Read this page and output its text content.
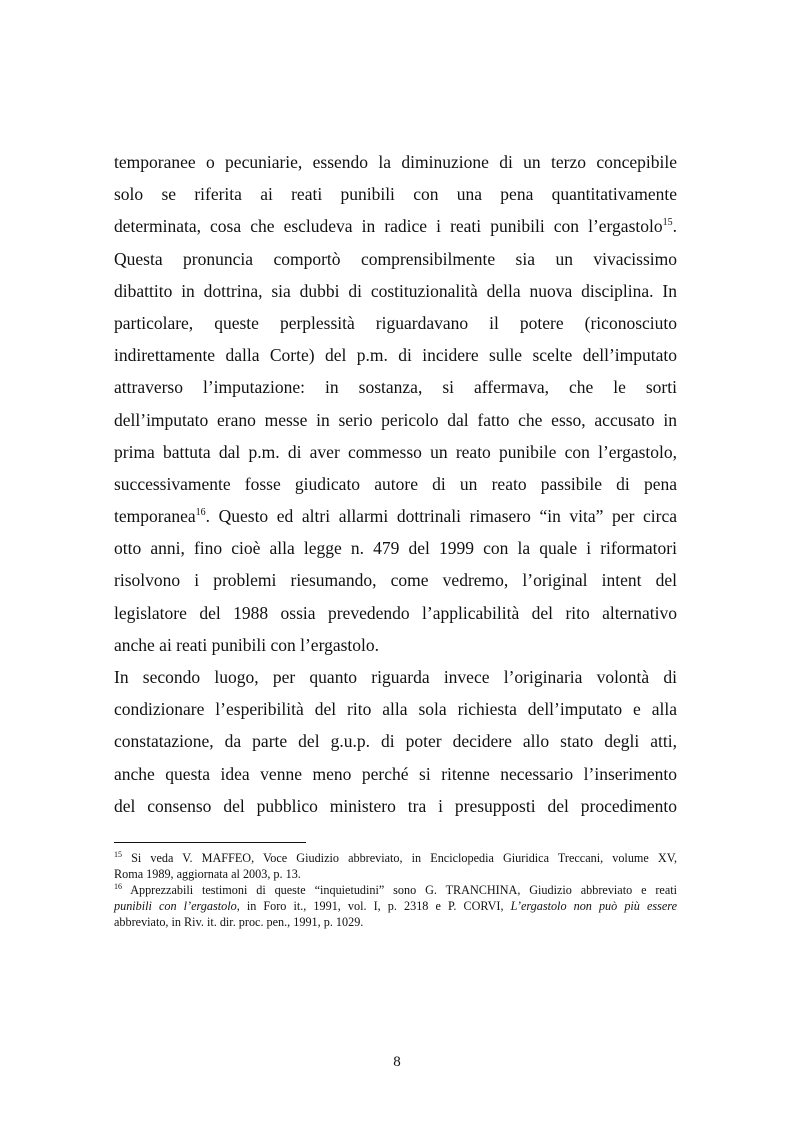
temporanee o pecuniarie, essendo la diminuzione di un terzo concepibile
solo se riferita ai reati punibili con una pena quantitativamente
determinata, cosa che escludeva in radice i reati punibili con l’ergastolo$^{15}$.
Questa pronuncia comportò comprensibilmente sia un vivacissimo
dibattito in dottrina, sia dubbi di costituzionalità della nuova disciplina. In
particolare, queste perplessità riguardavano il potere (riconosciuto
indirettamente dalla Corte) del p.m. di incidere sulle scelte dell’imputato
attraverso l’imputazione: in sostanza, si affermava, che le sorti
dell’imputato erano messe in serio pericolo dal fatto che esso, accusato in
prima battuta dal p.m. di aver commesso un reato punibile con l’ergastolo,
successivamente fosse giudicato autore di un reato passibile di pena
temporanea$^{16}$. Questo ed altri allarmi dottrinali rimasero “in vita” per circa
otto anni, fino cioè alla legge n. 479 del 1999 con la quale i riformatori
risolvono i problemi riesumando, come vedremo, l’original intent del
legislatore del 1988 ossia prevedendo l’applicabilità del rito alternativo
anche ai reati punibili con l’ergastolo.
In secondo luogo, per quanto riguarda invece l’originaria volontà di
condizionare l’esperibilità del rito alla sola richiesta dell’imputato e alla
constatazione, da parte del g.u.p. di poter decidere allo stato degli atti,
anche questa idea venne meno perché si ritenne necessario l’inserimento
del consenso del pubblico ministero tra i presupposti del procedimento
$^{15}$ Si veda V. MAFFEO, Voce Giudizio abbreviato, in Enciclopedia Giuridica Treccani, volume XV,
Roma 1989, aggiornata al 2003, p. 13.
$^{16}$ Apprezzabili testimoni di queste “inquietudini” sono G. TRANCHINA, Giudizio abbreviato e reati
punibili con l’ergastolo, in Foro it., 1991, vol. I, p. 2318 e P. CORVI, L’ergastolo non può più essere
abbreviato, in Riv. it. dir. proc. pen., 1991, p. 1029.
8
